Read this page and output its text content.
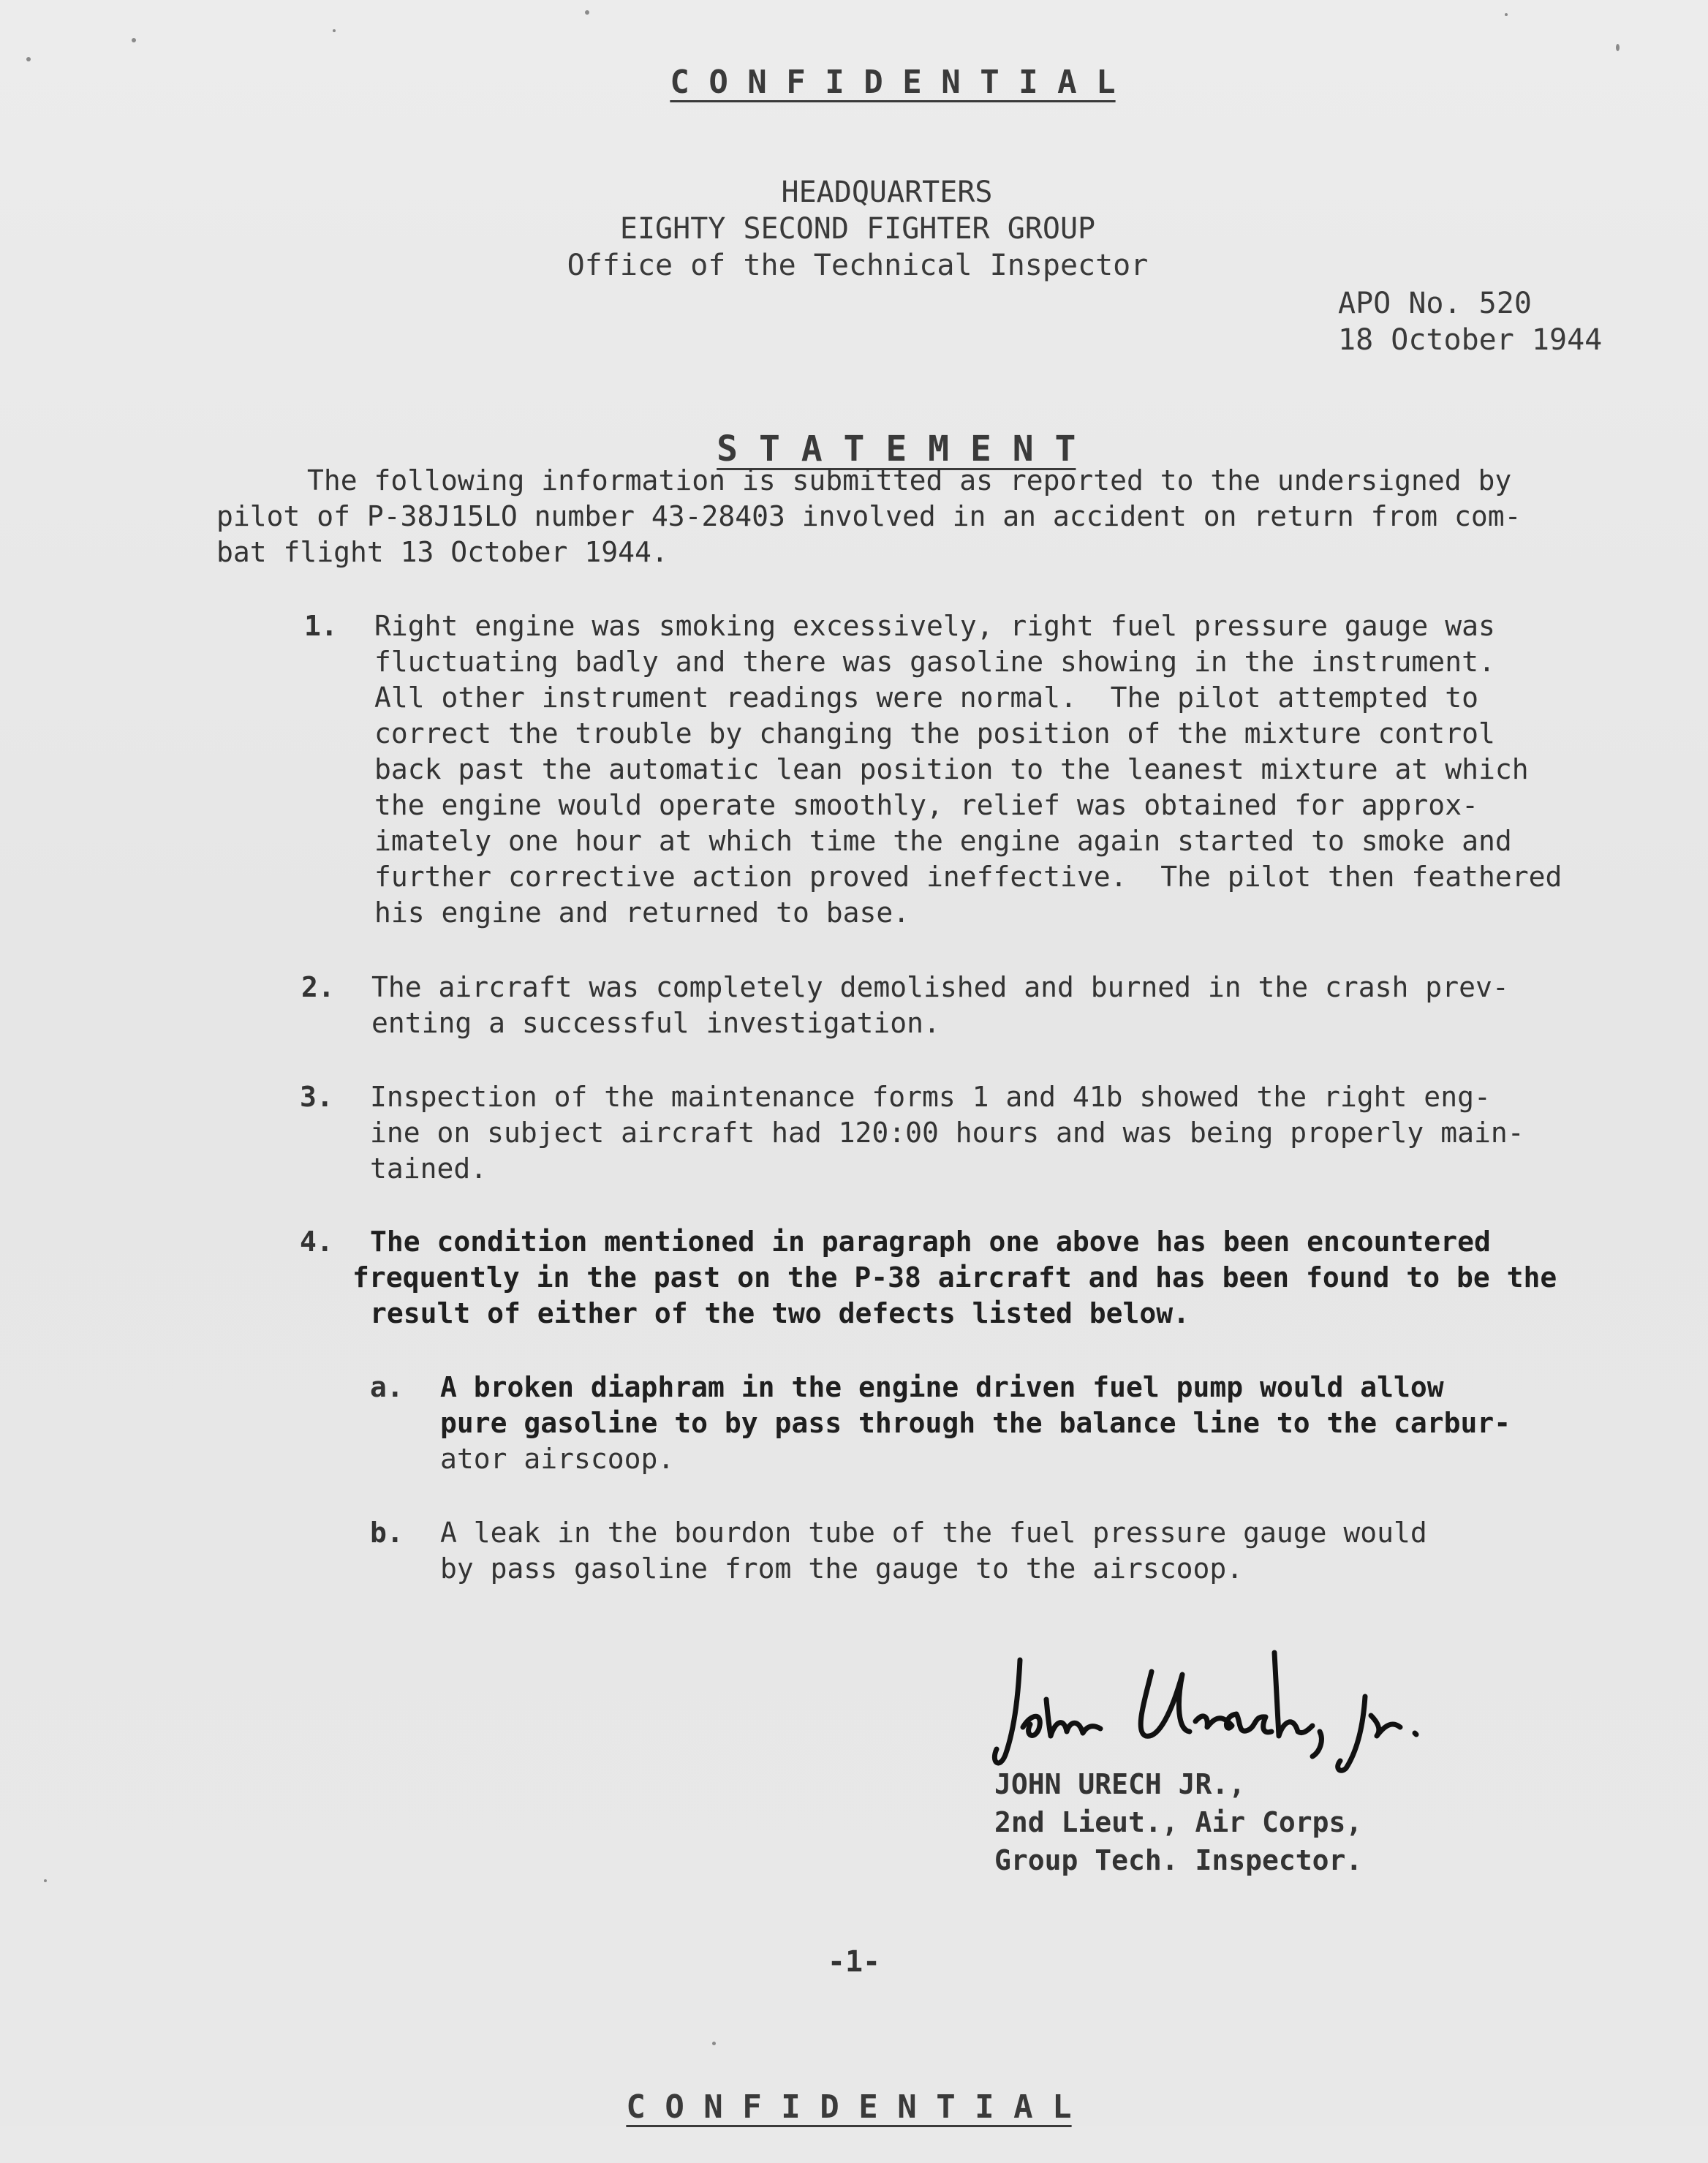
C O N F I D E N T I A L

HEADQUARTERS
EIGHTY SECOND FIGHTER GROUP
Office of the Technical Inspector
APO No. 520
18 October 1944

S T A T E M E N T

The following information is submitted as reported to the undersigned by
pilot of P-38J15LO number 43-28403 involved in an accident on return from com-
bat flight 13 October 1944.
1. Right engine was smoking excessively, right fuel pressure gauge was
fluctuating badly and there was gasoline showing in the instrument.
All other instrument readings were normal.  The pilot attempted to
correct the trouble by changing the position of the mixture control
back past the automatic lean position to the leanest mixture at which
the engine would operate smoothly, relief was obtained for approx-
imately one hour at which time the engine again started to smoke and
further corrective action proved ineffective.  The pilot then feathered
his engine and returned to base.
2. The aircraft was completely demolished and burned in the crash prev-
enting a successful investigation.
3. Inspection of the maintenance forms 1 and 41b showed the right eng-
ine on subject aircraft had 120:00 hours and was being properly main-
tained.
4. The condition mentioned in paragraph one above has been encountered
frequently in the past on the P-38 aircraft and has been found to be the
result of either of the two defects listed below.
a. A broken diaphram in the engine driven fuel pump would allow
pure gasoline to by pass through the balance line to the carbur-
ator airscoop.
b. A leak in the bourdon tube of the fuel pressure gauge would
by pass gasoline from the gauge to the airscoop.
JOHN URECH JR.,
2nd Lieut., Air Corps,
Group Tech. Inspector.
-1-

C O N F I D E N T I A L
